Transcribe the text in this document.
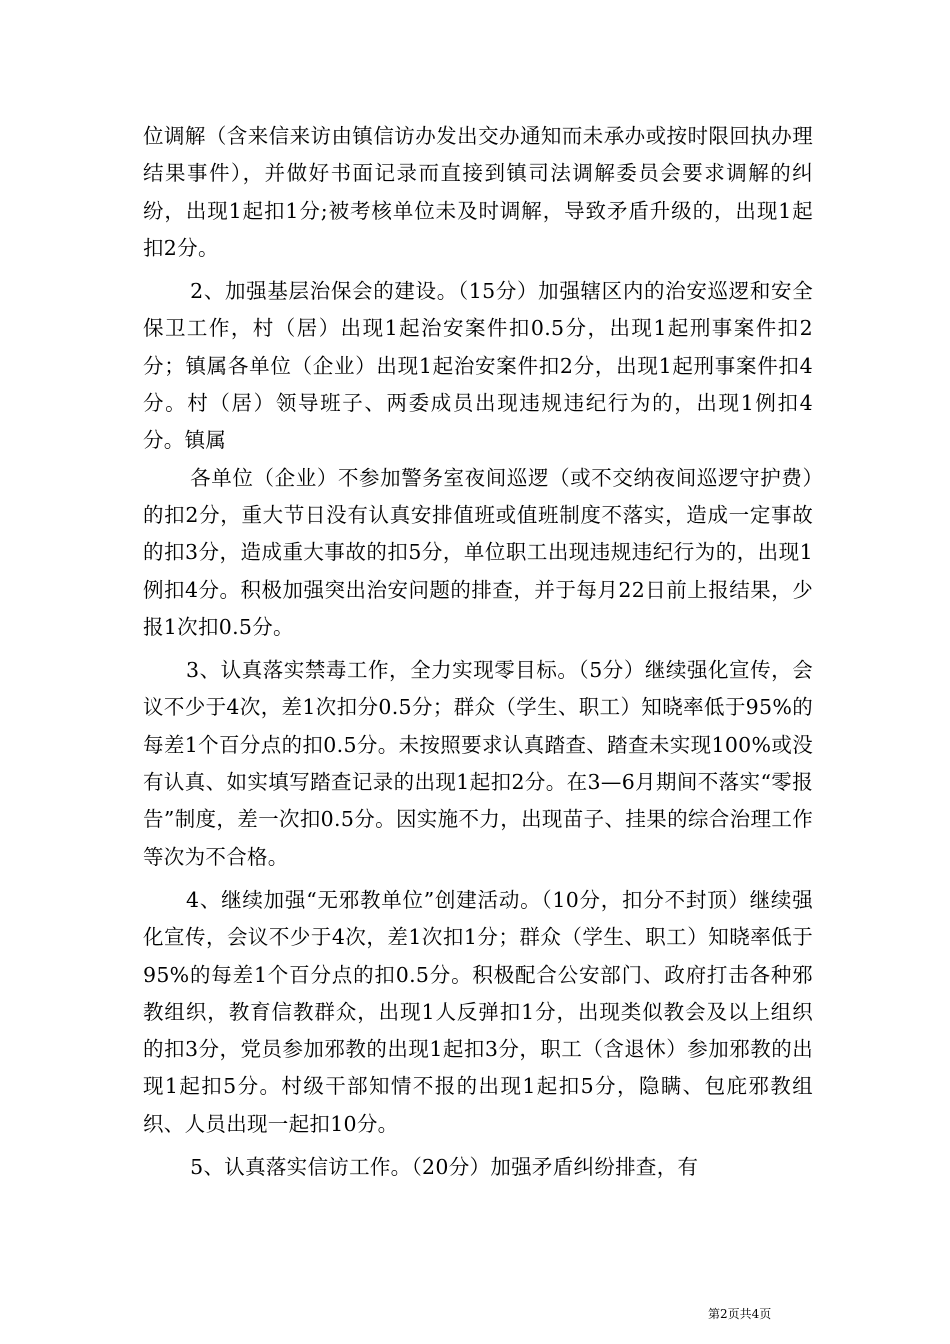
位调解（含来信来访由镇信访办发出交办通知而未承办或按时限回执办理结果事件），并做好书面记录而直接到镇司法调解委员会要求调解的纠纷，出现1起扣1分;被考核单位未及时调解，导致矛盾升级的，出现1起扣2分。

2、加强基层治保会的建设。（15分）加强辖区内的治安巡逻和安全保卫工作，村（居）出现1起治安案件扣0.5分，出现1起刑事案件扣2分；镇属各单位（企业）出现1起治安案件扣2分，出现1起刑事案件扣4分。村（居）领导班子、两委成员出现违规违纪行为的，出现1例扣4分。镇属

各单位（企业）不参加警务室夜间巡逻（或不交纳夜间巡逻守护费）的扣2分，重大节日没有认真安排值班或值班制度不落实，造成一定事故的扣3分，造成重大事故的扣5分，单位职工出现违规违纪行为的，出现1例扣4分。积极加强突出治安问题的排查，并于每月22日前上报结果，少报1次扣0.5分。

3、认真落实禁毒工作，全力实现零目标。（5分）继续强化宣传，会议不少于4次，差1次扣分0.5分；群众（学生、职工）知晓率低于95%的每差1个百分点的扣0.5分。未按照要求认真踏查、踏查未实现100%或没有认真、如实填写踏查记录的出现1起扣2分。在3—6月期间不落实“零报告”制度，差一次扣0.5分。因实施不力，出现苗子、挂果的综合治理工作等次为不合格。

4、继续加强“无邪教单位”创建活动。（10分，扣分不封顶）继续强化宣传，会议不少于4次，差1次扣1分；群众（学生、职工）知晓率低于95%的每差1个百分点的扣0.5分。积极配合公安部门、政府打击各种邪教组织，教育信教群众，出现1人反弹扣1分，出现类似教会及以上组织的扣3分，党员参加邪教的出现1起扣3分，职工（含退休）参加邪教的出现1起扣5分。村级干部知情不报的出现1起扣5分，隐瞒、包庇邪教组织、人员出现一起扣10分。

5、认真落实信访工作。（20分）加强矛盾纠纷排查，有

第2页共4页
